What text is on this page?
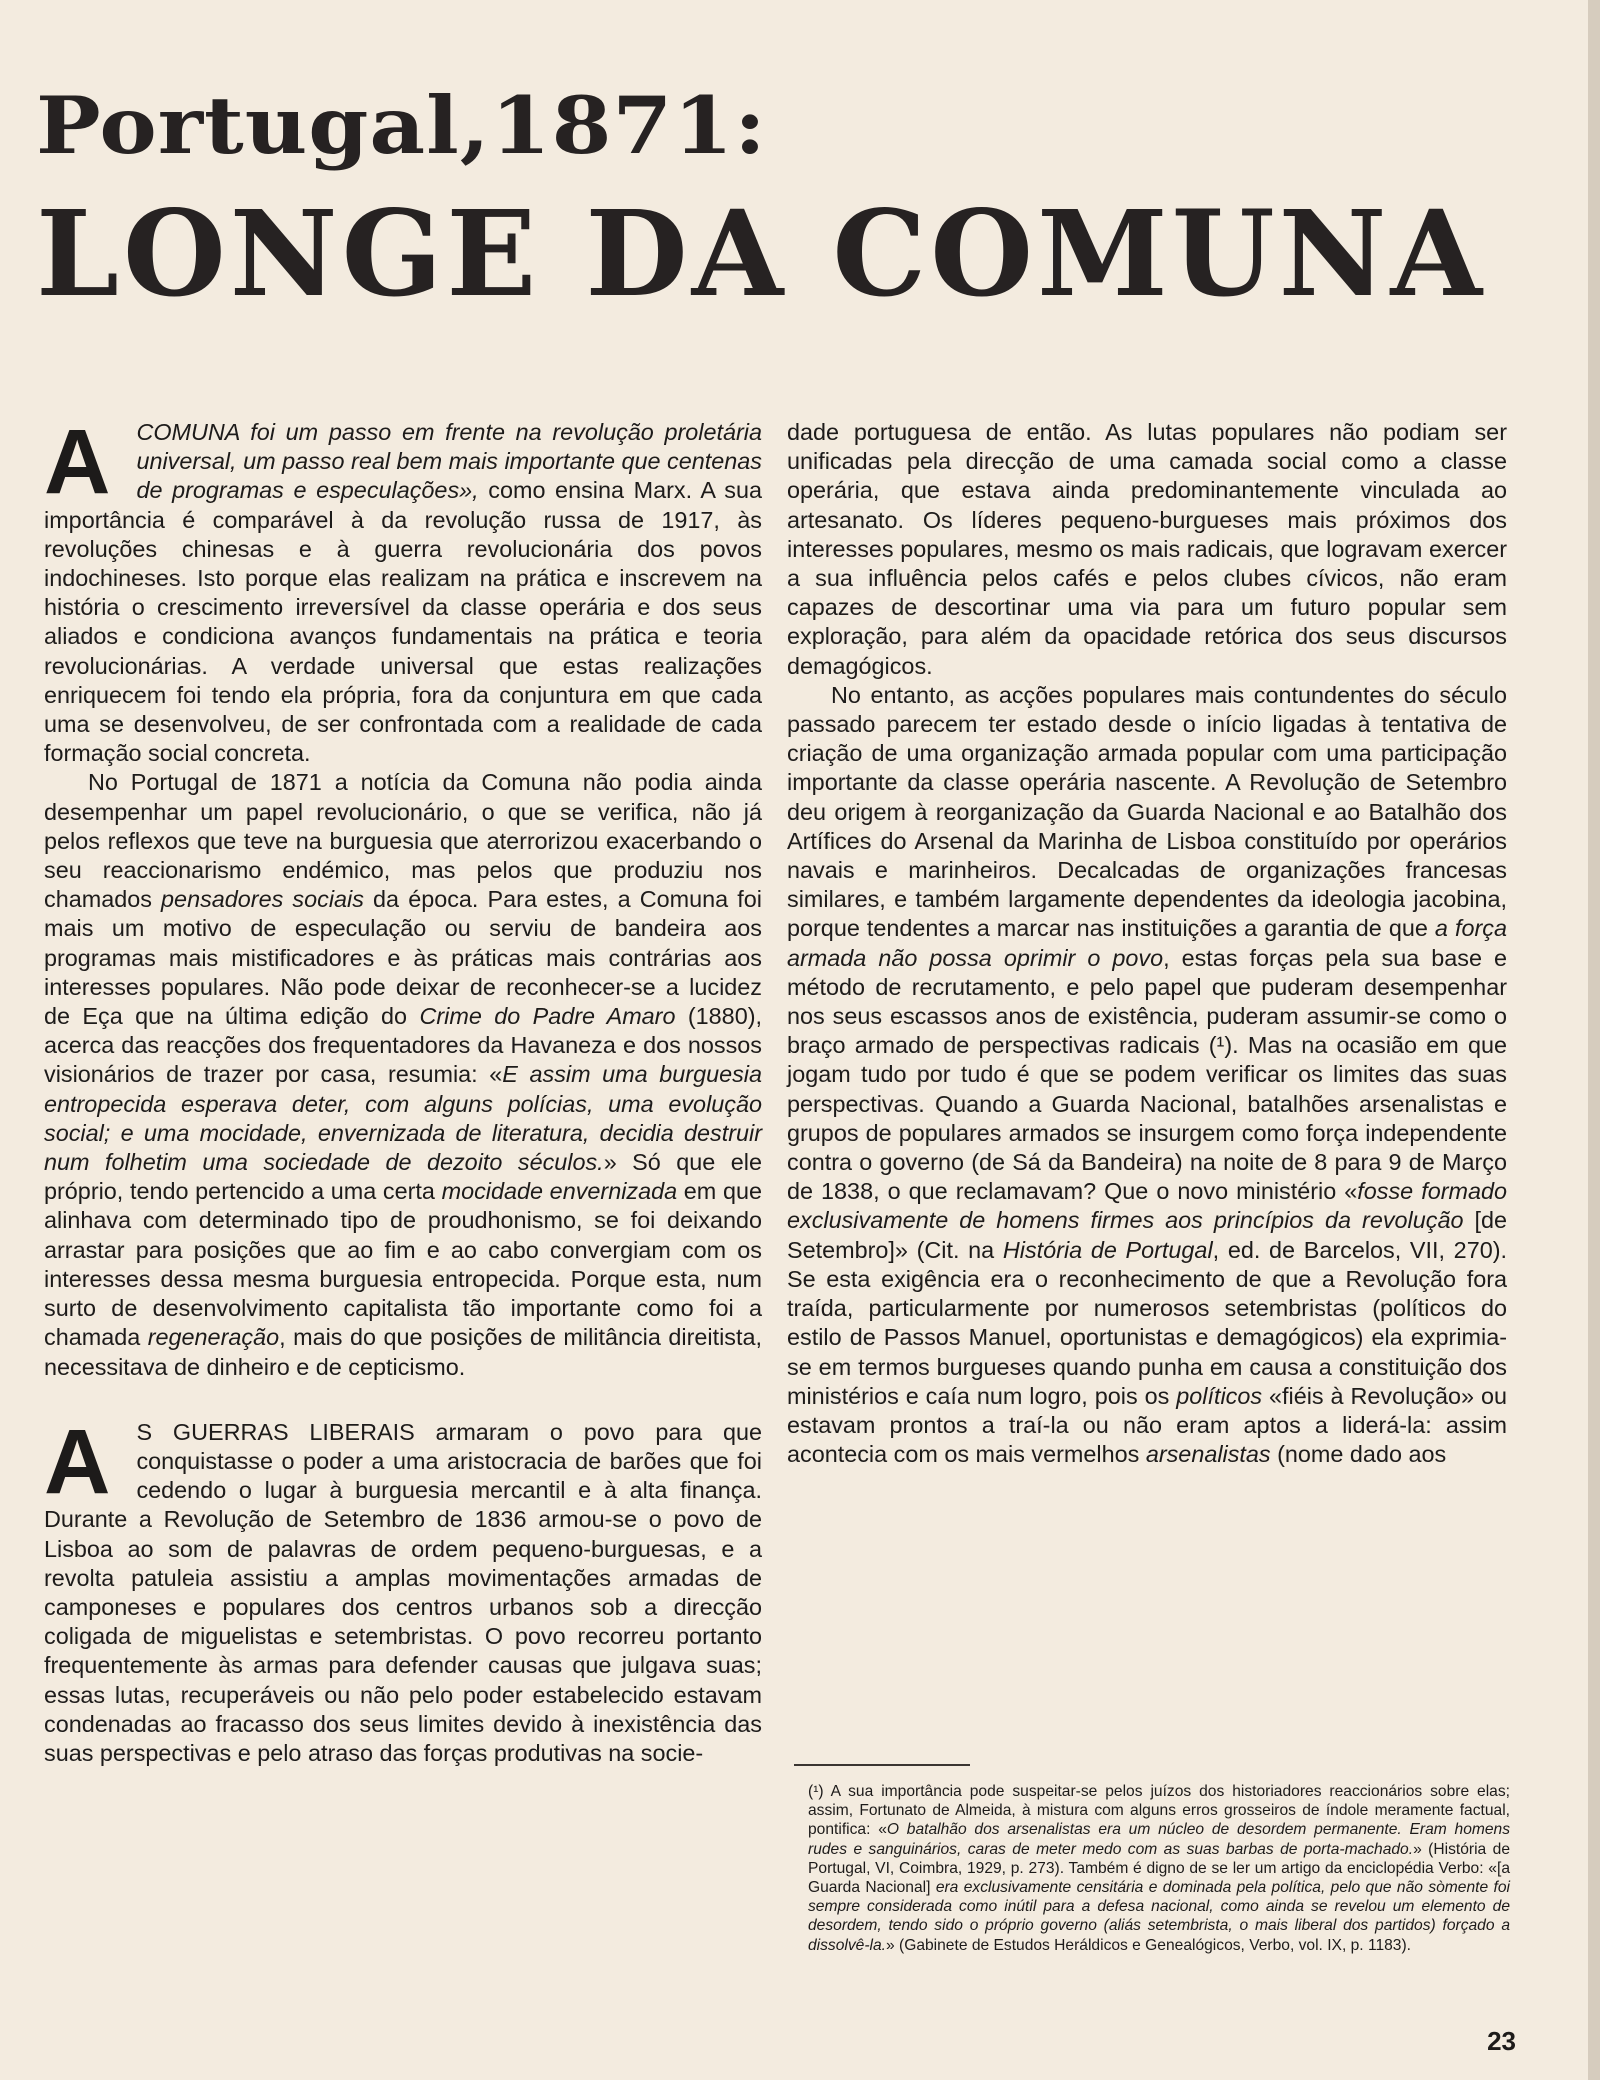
Portugal,1871:
LONGE DA COMUNA

A COMUNA foi um passo em frente na revolução proletária universal, um passo real bem mais importante que centenas de programas e especulações», como ensina Marx. A sua importância é comparável à da revolução russa de 1917, às revoluções chinesas e à guerra revolucionária dos povos indochineses. Isto porque elas realizam na prática e inscrevem na história o crescimento irreversível da classe operária e dos seus aliados e condiciona avanços fundamentais na prática e teoria revolucionárias. A verdade universal que estas realizações enriquecem foi tendo ela própria, fora da conjuntura em que cada uma se desenvolveu, de ser confrontada com a realidade de cada formação social concreta.

No Portugal de 1871 a notícia da Comuna não podia ainda desempenhar um papel revolucionário, o que se verifica, não já pelos reflexos que teve na burguesia que aterrorizou exacerbando o seu reaccionarismo endémico, mas pelos que produziu nos chamados pensadores sociais da época. Para estes, a Comuna foi mais um motivo de especulação ou serviu de bandeira aos programas mais mistificadores e às práticas mais contrárias aos interesses populares. Não pode deixar de reconhecer-se a lucidez de Eça que na última edição do Crime do Padre Amaro (1880), acerca das reacções dos frequentadores da Havaneza e dos nossos visionários de trazer por casa, resumia: «E assim uma burguesia entropecida esperava deter, com alguns polícias, uma evolução social; e uma mocidade, envernizada de literatura, decidia destruir num folhetim uma sociedade de dezoito séculos.» Só que ele próprio, tendo pertencido a uma certa mocidade envernizada em que alinhava com determinado tipo de proudhonismo, se foi deixando arrastar para posições que ao fim e ao cabo convergiam com os interesses dessa mesma burguesia entropecida. Porque esta, num surto de desenvolvimento capitalista tão importante como foi a chamada regeneração, mais do que posições de militância direitista, necessitava de dinheiro e de cepticismo.

A S GUERRAS LIBERAIS armaram o povo para que conquistasse o poder a uma aristocracia de barões que foi cedendo o lugar à burguesia mercantil e à alta finança. Durante a Revolução de Setembro de 1836 armou-se o povo de Lisboa ao som de palavras de ordem pequeno-burguesas, e a revolta patuleia assistiu a amplas movimentações armadas de camponeses e populares dos centros urbanos sob a direcção coligada de miguelistas e setembristas. O povo recorreu portanto frequentemente às armas para defender causas que julgava suas; essas lutas, recuperáveis ou não pelo poder estabelecido estavam condenadas ao fracasso dos seus limites devido à inexistência das suas perspectivas e pelo atraso das forças produtivas na socie-

dade portuguesa de então. As lutas populares não podiam ser unificadas pela direcção de uma camada social como a classe operária, que estava ainda predominantemente vinculada ao artesanato. Os líderes pequeno-burgueses mais próximos dos interesses populares, mesmo os mais radicais, que logravam exercer a sua influência pelos cafés e pelos clubes cívicos, não eram capazes de descortinar uma via para um futuro popular sem exploração, para além da opacidade retórica dos seus discursos demagógicos.

No entanto, as acções populares mais contundentes do século passado parecem ter estado desde o início ligadas à tentativa de criação de uma organização armada popular com uma participação importante da classe operária nascente. A Revolução de Setembro deu origem à reorganização da Guarda Nacional e ao Batalhão dos Artífices do Arsenal da Marinha de Lisboa constituído por operários navais e marinheiros. Decalcadas de organizações francesas similares, e também largamente dependentes da ideologia jacobina, porque tendentes a marcar nas instituições a garantia de que a força armada não possa oprimir o povo, estas forças pela sua base e método de recrutamento, e pelo papel que puderam desempenhar nos seus escassos anos de existência, puderam assumir-se como o braço armado de perspectivas radicais (¹). Mas na ocasião em que jogam tudo por tudo é que se podem verificar os limites das suas perspectivas. Quando a Guarda Nacional, batalhões arsenalistas e grupos de populares armados se insurgem como força independente contra o governo (de Sá da Bandeira) na noite de 8 para 9 de Março de 1838, o que reclamavam? Que o novo ministério «fosse formado exclusivamente de homens firmes aos princípios da revolução [de Setembro]» (Cit. na História de Portugal, ed. de Barcelos, VII, 270). Se esta exigência era o reconhecimento de que a Revolução fora traída, particularmente por numerosos setembristas (políticos do estilo de Passos Manuel, oportunistas e demagógicos) ela exprimia-se em termos burgueses quando punha em causa a constituição dos ministérios e caía num logro, pois os políticos «fiéis à Revolução» ou estavam prontos a traí-la ou não eram aptos a liderá-la: assim acontecia com os mais vermelhos arsenalistas (nome dado aos

(¹) A sua importância pode suspeitar-se pelos juízos dos historiadores reaccionários sobre elas; assim, Fortunato de Almeida, à mistura com alguns erros grosseiros de índole meramente factual, pontifica: «O batalhão dos arsenalistas era um núcleo de desordem permanente. Eram homens rudes e sanguinários, caras de meter medo com as suas barbas de porta-machado.» (História de Portugal, VI, Coimbra, 1929, p. 273). Também é digno de se ler um artigo da enciclopédia Verbo: «[a Guarda Nacional] era exclusivamente censitária e dominada pela política, pelo que não sòmente foi sempre considerada como inútil para a defesa nacional, como ainda se revelou um elemento de desordem, tendo sido o próprio governo (aliás setembrista, o mais liberal dos partidos) forçado a dissolvê-la.» (Gabinete de Estudos Heráldicos e Genealógicos, Verbo, vol. IX, p. 1183).

23
